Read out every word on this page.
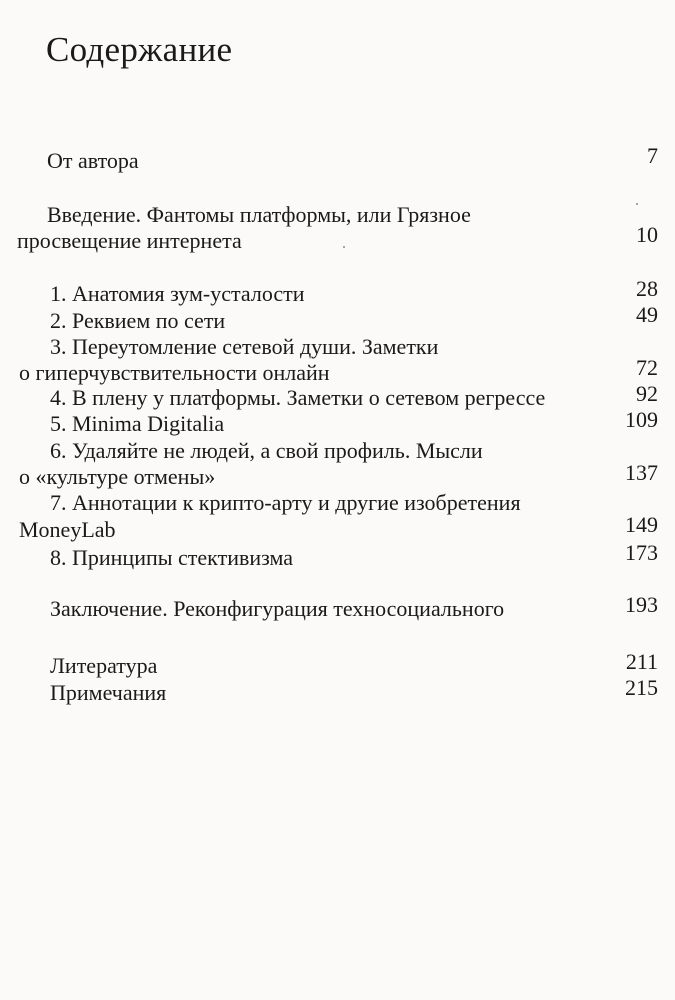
Содержание
От автора	7
Введение. Фантомы платформы, или Грязное
просвещение интернета	10
1. Анатомия зум-усталости	28
2. Реквием по сети	49
3. Переутомление сетевой души. Заметки
о гиперчувствительности онлайн	72
4. В плену у платформы. Заметки о сетевом регрессе	92
5. Minima Digitalia	109
6. Удаляйте не людей, а свой профиль. Мысли
о «культуре отмены»	137
7. Аннотации к крипто-арту и другие изобретения
MoneyLab	149
8. Принципы стективизма	173
Заключение. Реконфигурация техносоциального	193
Литература	211
Примечания	215
